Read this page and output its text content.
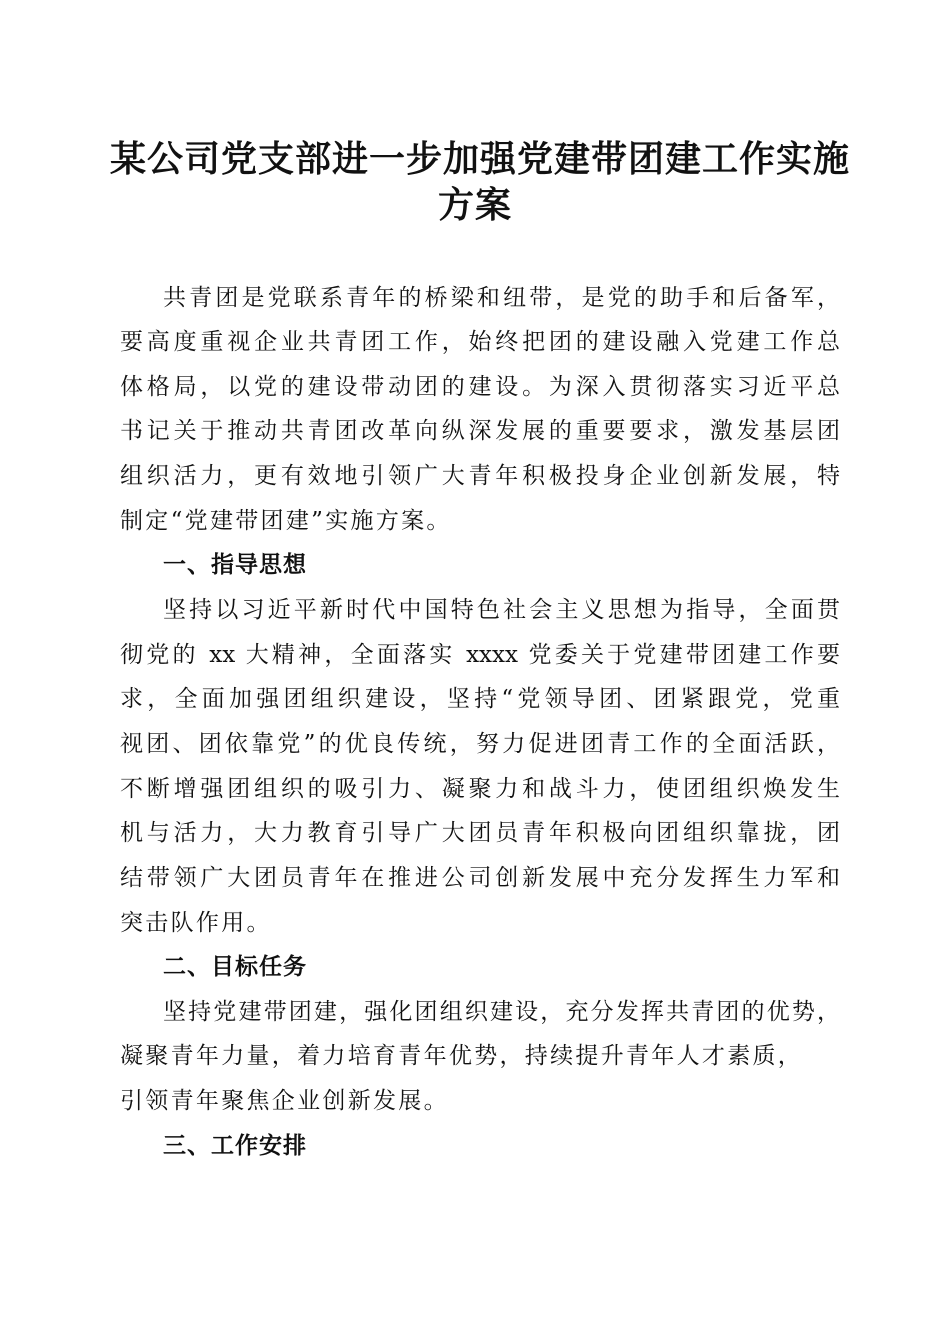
某公司党支部进一步加强党建带团建工作实施
方案
共青团是党联系青年的桥梁和纽带，是党的助手和后备军，
要高度重视企业共青团工作，始终把团的建设融入党建工作总
体格局，以党的建设带动团的建设。为深入贯彻落实习近平总
书记关于推动共青团改革向纵深发展的重要要求，激发基层团
组织活力，更有效地引领广大青年积极投身企业创新发展，特
制定“党建带团建”实施方案。
一、指导思想
坚持以习近平新时代中国特色社会主义思想为指导，全面贯
彻党的 xx 大精神，全面落实 xxxx 党委关于党建带团建工作要
求，全面加强团组织建设，坚持“党领导团、团紧跟党，党重
视团、团依靠党”的优良传统，努力促进团青工作的全面活跃，
不断增强团组织的吸引力、凝聚力和战斗力，使团组织焕发生
机与活力，大力教育引导广大团员青年积极向团组织靠拢，团
结带领广大团员青年在推进公司创新发展中充分发挥生力军和
突击队作用。
二、目标任务
坚持党建带团建，强化团组织建设，充分发挥共青团的优势，
凝聚青年力量，着力培育青年优势，持续提升青年人才素质，
引领青年聚焦企业创新发展。
三、工作安排
